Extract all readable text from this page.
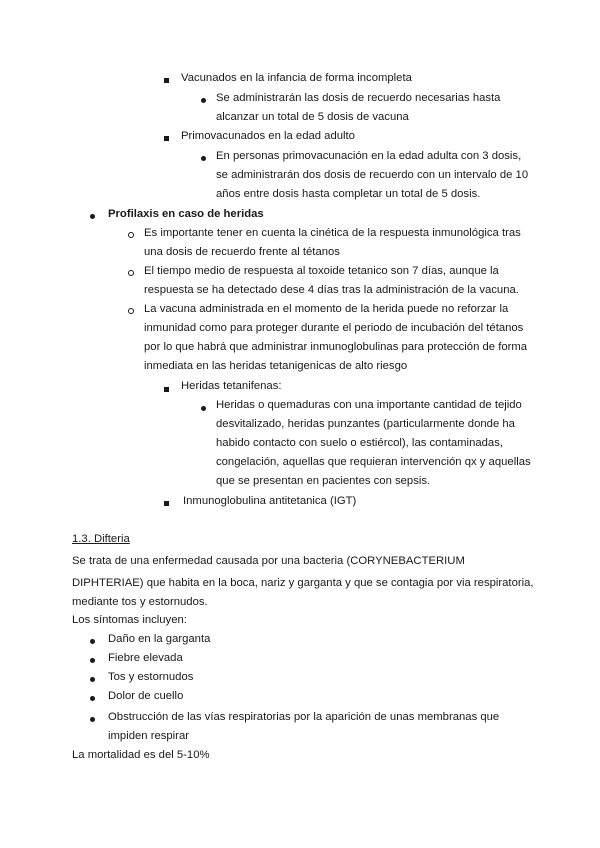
Vacunados en la infancia de forma incompleta
Se administrarán las dosis de recuerdo necesarias hasta
alcanzar un total de 5 dosis de vacuna
Primovacunados en la edad adulto
En personas primovacunación en la edad adulta con 3 dosis,
se administrarán dos dosis de recuerdo con un intervalo de 10
años entre dosis hasta completar un total de 5 dosis.
Profilaxis en caso de heridas
Es importante tener en cuenta la cinética de la respuesta inmunológica tras
una dosis de recuerdo frente al tétanos
El tiempo medio de respuesta al toxoide tetanico son 7 días, aunque la
respuesta se ha detectado dese 4 días tras la administración de la vacuna.
La vacuna administrada en el momento de la herida puede no reforzar la
inmunidad como para proteger durante el periodo de incubación del tétanos
por lo que habrá que administrar inmunoglobulinas para protección de forma
inmediata en las heridas tetanigenicas de alto riesgo
Heridas tetanifenas:
Heridas o quemaduras con una importante cantidad de tejido
desvitalizado, heridas punzantes (particularmente donde ha
habido contacto con suelo o estiércol), las contaminadas,
congelación, aquellas que requieran intervención qx y aquellas
que se presentan en pacientes con sepsis.
Inmunoglobulina antitetanica (IGT)
1.3. Difteria
Se trata de una enfermedad causada por una bacteria (CORYNEBACTERIUM
DIPHTERIAE) que habita en la boca, nariz y garganta y que se contagia por via respiratoria,
mediante tos y estornudos.
Los síntomas incluyen:
Daño en la garganta
Fiebre elevada
Tos y estornudos
Dolor de cuello
Obstrucción de las vías respiratorias por la aparición de unas membranas que
impiden respirar
La mortalidad es del 5-10%
